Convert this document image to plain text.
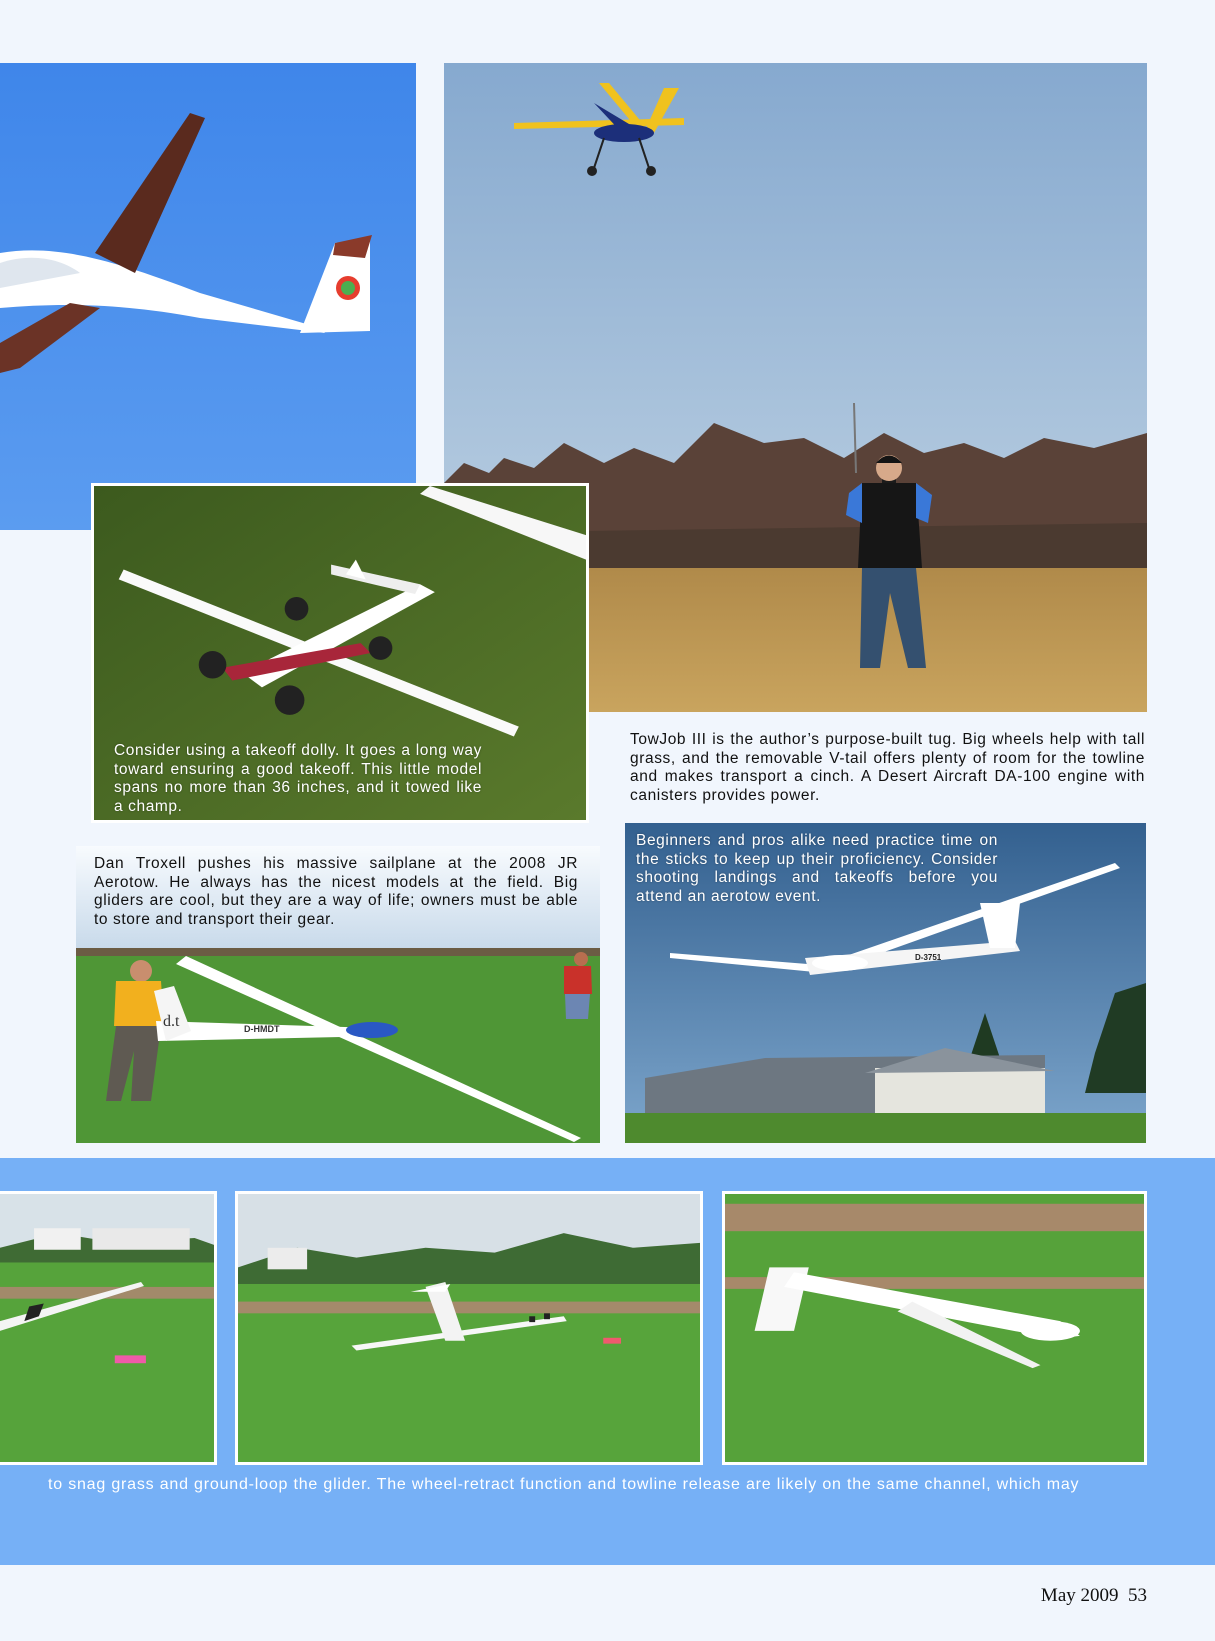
Consider using a takeoff dolly. It goes a long way toward ensuring a good takeoff. This little model spans no more than 36 inches, and it towed like a champ.

TowJob III is the author’s purpose-built tug. Big wheels help with tall grass, and the removable V-tail offers plenty of room for the towline and makes transport a cinch. A Desert Aircraft DA-100 engine with canisters provides power.

d.t	D-HMDT

Dan Troxell pushes his massive sailplane at the 2008 JR Aerotow. He always has the nicest models at the field. Big gliders are cool, but they are a way of life; owners must be able to store and transport their gear.

D-3751

Beginners and pros alike need practice time on the sticks to keep up their proficiency. Consider shooting landings and takeoffs before you attend an aerotow event.

to snag grass and ground-loop the glider. The wheel-retract function and towline release are likely on the same channel, which may

May 2009 53
